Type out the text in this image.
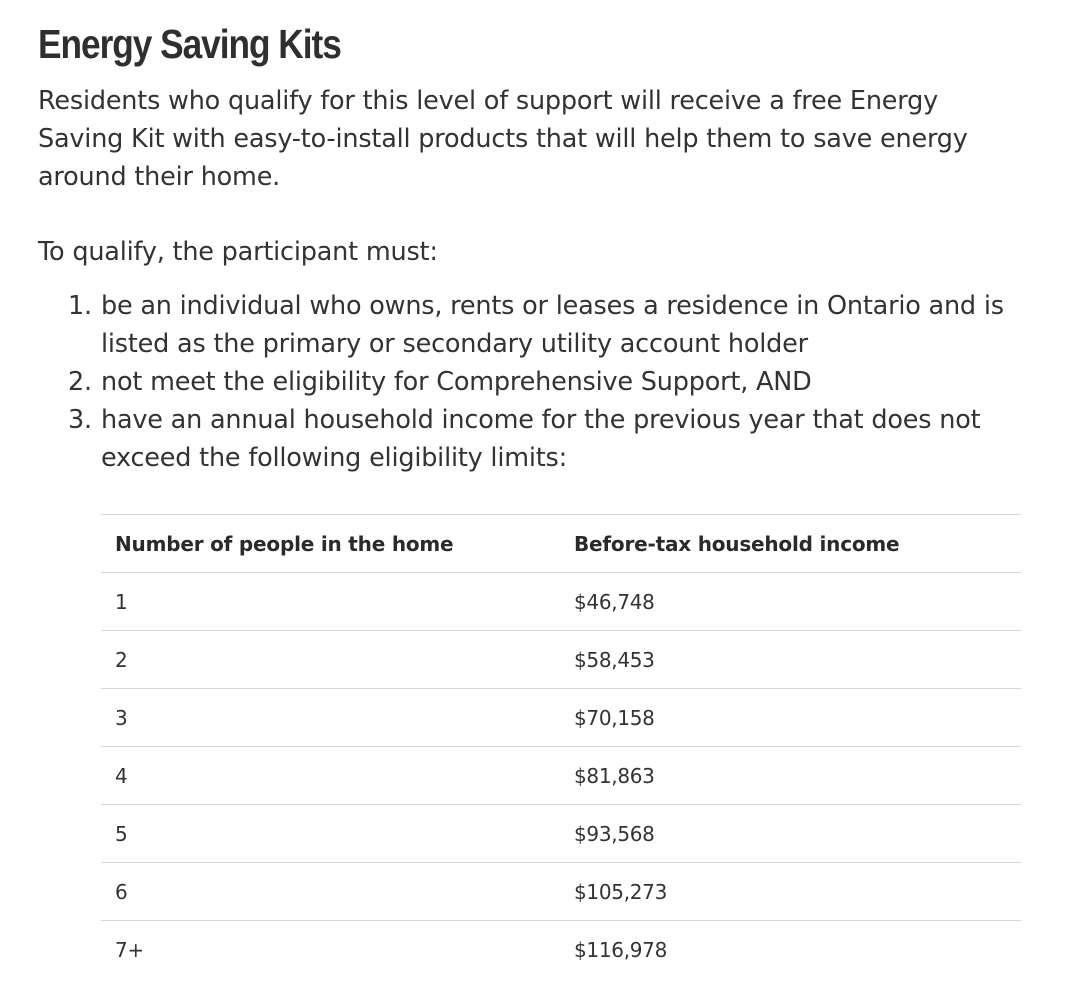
Energy Saving Kits

Residents who qualify for this level of support will receive a free Energy Saving Kit with easy-to-install products that will help them to save energy around their home.

To qualify, the participant must:

1. be an individual who owns, rents or leases a residence in Ontario and is listed as the primary or secondary utility account holder
2. not meet the eligibility for Comprehensive Support, AND
3. have an annual household income for the previous year that does not exceed the following eligibility limits:
Number of people in the home	Before-tax household income
1	$46,748
2	$58,453
3	$70,158
4	$81,863
5	$93,568
6	$105,273
7+	$116,978
